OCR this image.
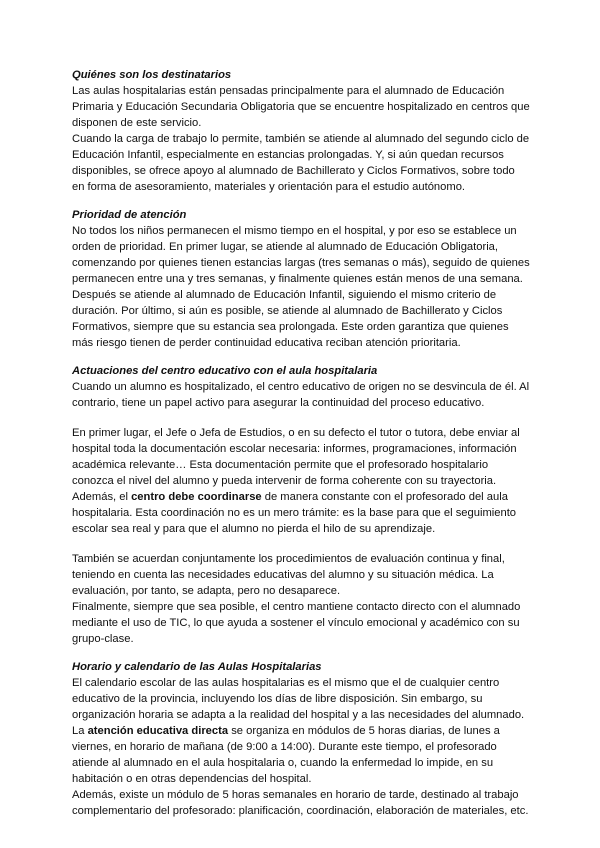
Quiénes son los destinatarios

Las aulas hospitalarias están pensadas principalmente para el alumnado de Educación Primaria y Educación Secundaria Obligatoria que se encuentre hospitalizado en centros que disponen de este servicio.

Cuando la carga de trabajo lo permite, también se atiende al alumnado del segundo ciclo de Educación Infantil, especialmente en estancias prolongadas. Y, si aún quedan recursos disponibles, se ofrece apoyo al alumnado de Bachillerato y Ciclos Formativos, sobre todo en forma de asesoramiento, materiales y orientación para el estudio autónomo.

Prioridad de atención

No todos los niños permanecen el mismo tiempo en el hospital, y por eso se establece un orden de prioridad. En primer lugar, se atiende al alumnado de Educación Obligatoria, comenzando por quienes tienen estancias largas (tres semanas o más), seguido de quienes permanecen entre una y tres semanas, y finalmente quienes están menos de una semana.

Después se atiende al alumnado de Educación Infantil, siguiendo el mismo criterio de duración. Por último, si aún es posible, se atiende al alumnado de Bachillerato y Ciclos Formativos, siempre que su estancia sea prolongada. Este orden garantiza que quienes más riesgo tienen de perder continuidad educativa reciban atención prioritaria.

Actuaciones del centro educativo con el aula hospitalaria

Cuando un alumno es hospitalizado, el centro educativo de origen no se desvincula de él. Al contrario, tiene un papel activo para asegurar la continuidad del proceso educativo.

En primer lugar, el Jefe o Jefa de Estudios, o en su defecto el tutor o tutora, debe enviar al hospital toda la documentación escolar necesaria: informes, programaciones, información académica relevante… Esta documentación permite que el profesorado hospitalario conozca el nivel del alumno y pueda intervenir de forma coherente con su trayectoria.

Además, el centro debe coordinarse de manera constante con el profesorado del aula hospitalaria. Esta coordinación no es un mero trámite: es la base para que el seguimiento escolar sea real y para que el alumno no pierda el hilo de su aprendizaje.

También se acuerdan conjuntamente los procedimientos de evaluación continua y final, teniendo en cuenta las necesidades educativas del alumno y su situación médica. La evaluación, por tanto, se adapta, pero no desaparece.

Finalmente, siempre que sea posible, el centro mantiene contacto directo con el alumnado mediante el uso de TIC, lo que ayuda a sostener el vínculo emocional y académico con su grupo-clase.

Horario y calendario de las Aulas Hospitalarias

El calendario escolar de las aulas hospitalarias es el mismo que el de cualquier centro educativo de la provincia, incluyendo los días de libre disposición. Sin embargo, su organización horaria se adapta a la realidad del hospital y a las necesidades del alumnado.

La atención educativa directa se organiza en módulos de 5 horas diarias, de lunes a viernes, en horario de mañana (de 9:00 a 14:00). Durante este tiempo, el profesorado atiende al alumnado en el aula hospitalaria o, cuando la enfermedad lo impide, en su habitación o en otras dependencias del hospital.

Además, existe un módulo de 5 horas semanales en horario de tarde, destinado al trabajo complementario del profesorado: planificación, coordinación, elaboración de materiales, etc.
